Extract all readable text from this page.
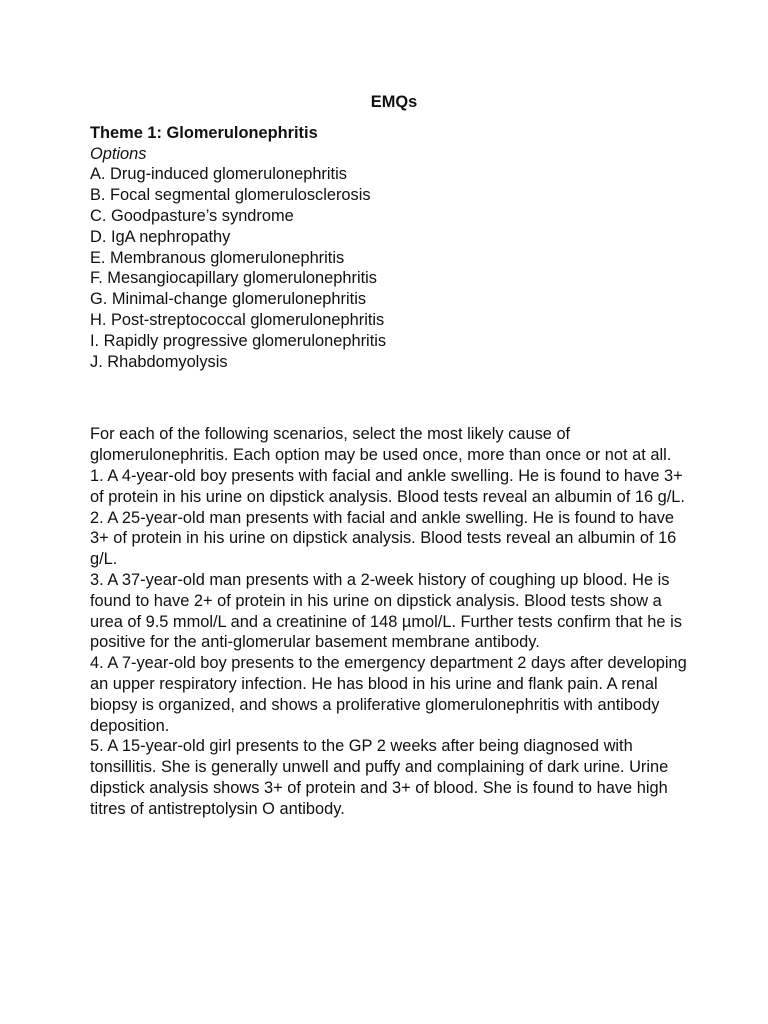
EMQs
Theme 1: Glomerulonephritis
Options
A. Drug-induced glomerulonephritis
B. Focal segmental glomerulosclerosis
C. Goodpasture’s syndrome
D. IgA nephropathy
E. Membranous glomerulonephritis
F. Mesangiocapillary glomerulonephritis
G. Minimal-change glomerulonephritis
H. Post-streptococcal glomerulonephritis
I. Rapidly progressive glomerulonephritis
J. Rhabdomyolysis

For each of the following scenarios, select the most likely cause of glomerulonephritis. Each option may be used once, more than once or not at all.

1. A 4-year-old boy presents with facial and ankle swelling. He is found to have 3+ of protein in his urine on dipstick analysis. Blood tests reveal an albumin of 16 g/L.
2. A 25-year-old man presents with facial and ankle swelling. He is found to have 3+ of protein in his urine on dipstick analysis. Blood tests reveal an albumin of 16 g/L.
3. A 37-year-old man presents with a 2-week history of coughing up blood. He is found to have 2+ of protein in his urine on dipstick analysis. Blood tests show a urea of 9.5 mmol/L and a creatinine of 148 µmol/L. Further tests confirm that he is positive for the anti-glomerular basement membrane antibody.
4. A 7-year-old boy presents to the emergency department 2 days after developing an upper respiratory infection. He has blood in his urine and flank pain. A renal biopsy is organized, and shows a proliferative glomerulonephritis with antibody deposition.
5. A 15-year-old girl presents to the GP 2 weeks after being diagnosed with tonsillitis. She is generally unwell and puffy and complaining of dark urine. Urine dipstick analysis shows 3+ of protein and 3+ of blood. She is found to have high titres of antistreptolysin O antibody.
